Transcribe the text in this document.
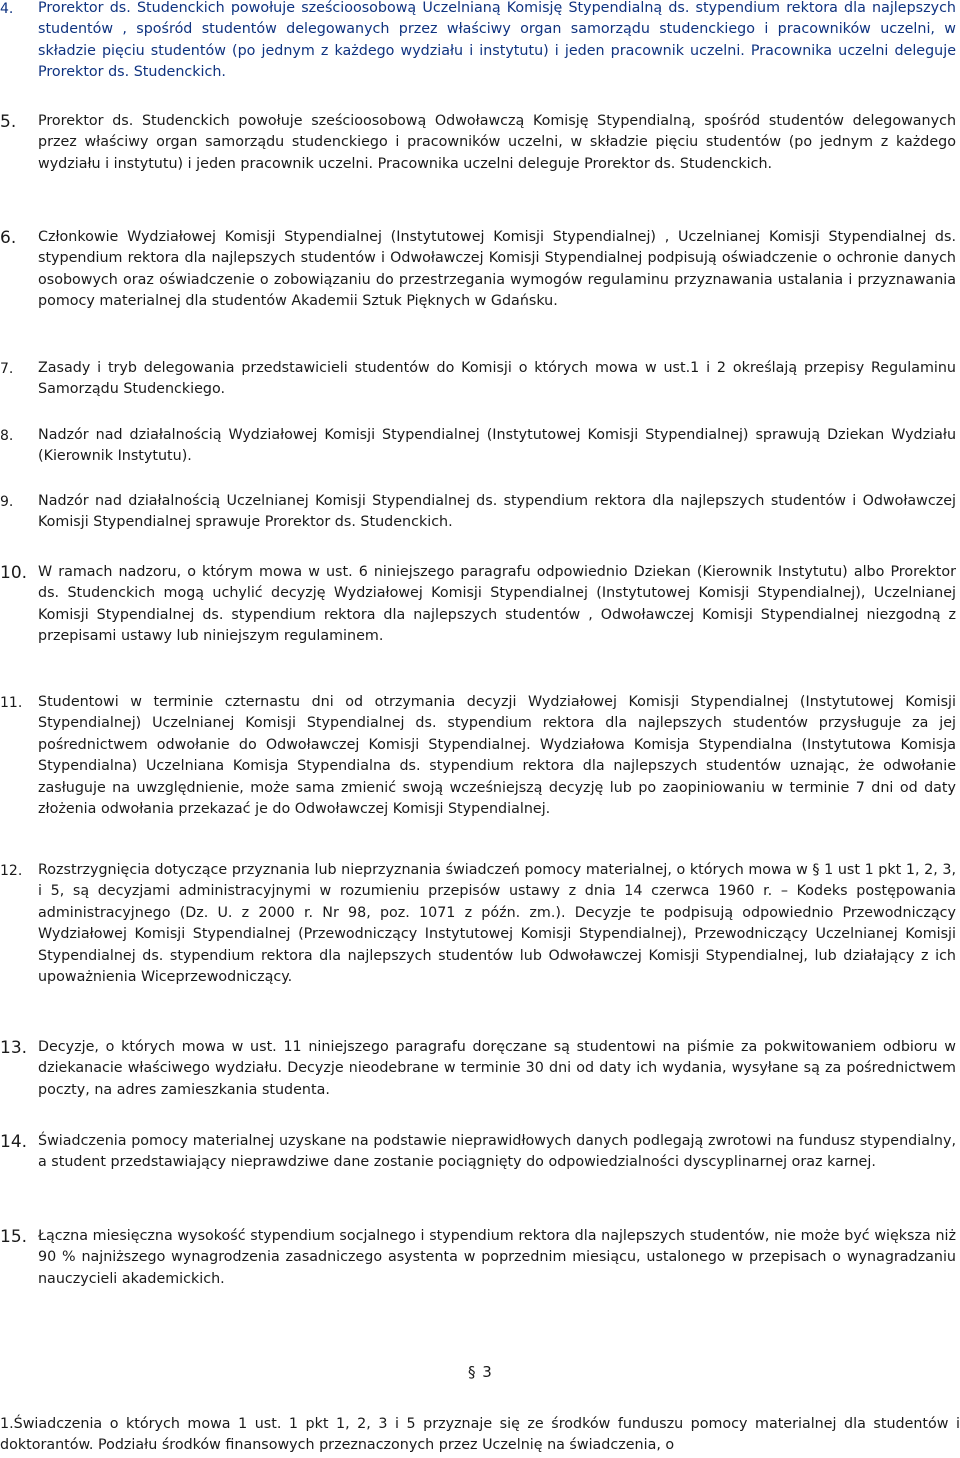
4. Prorektor ds. Studenckich powołuje sześcioosobową Uczelnianą Komisję Stypendialną ds. stypendium rektora dla najlepszych studentów , spośród studentów delegowanych przez właściwy organ samorządu studenckiego i pracowników uczelni, w składzie pięciu studentów (po jednym z każdego wydziału i instytutu) i jeden pracownik uczelni. Pracownika uczelni deleguje Prorektor ds. Studenckich.

5. Prorektor ds. Studenckich powołuje sześcioosobową Odwoławczą Komisję Stypendialną, spośród studentów delegowanych przez właściwy organ samorządu studenckiego i pracowników uczelni, w składzie pięciu studentów (po jednym z każdego wydziału i instytutu) i jeden pracownik uczelni. Pracownika uczelni deleguje Prorektor ds. Studenckich.

6. Członkowie Wydziałowej Komisji Stypendialnej (Instytutowej Komisji Stypendialnej) , Uczelnianej Komisji Stypendialnej ds. stypendium rektora dla najlepszych studentów i Odwoławczej Komisji Stypendialnej podpisują oświadczenie o ochronie danych osobowych oraz oświadczenie o zobowiązaniu do przestrzegania wymogów regulaminu przyznawania ustalania i przyznawania pomocy materialnej dla studentów Akademii Sztuk Pięknych w Gdańsku.

7. Zasady i tryb delegowania przedstawicieli studentów do Komisji o których mowa w ust.1 i 2 określają przepisy Regulaminu Samorządu Studenckiego.

8. Nadzór nad działalnością Wydziałowej Komisji Stypendialnej (Instytutowej Komisji Stypendialnej) sprawują Dziekan Wydziału (Kierownik Instytutu).

9. Nadzór nad działalnością Uczelnianej Komisji Stypendialnej ds. stypendium rektora dla najlepszych studentów i Odwoławczej Komisji Stypendialnej sprawuje Prorektor ds. Studenckich.

10. W ramach nadzoru, o którym mowa w ust. 6 niniejszego paragrafu odpowiednio Dziekan (Kierownik Instytutu) albo Prorektor ds. Studenckich mogą uchylić decyzję Wydziałowej Komisji Stypendialnej (Instytutowej Komisji Stypendialnej), Uczelnianej Komisji Stypendialnej ds. stypendium rektora dla najlepszych studentów , Odwoławczej Komisji Stypendialnej niezgodną z przepisami ustawy lub niniejszym regulaminem.

11. Studentowi w terminie czternastu dni od otrzymania decyzji Wydziałowej Komisji Stypendialnej (Instytutowej Komisji Stypendialnej) Uczelnianej Komisji Stypendialnej ds. stypendium rektora dla najlepszych studentów przysługuje za jej pośrednictwem odwołanie do Odwoławczej Komisji Stypendialnej. Wydziałowa Komisja Stypendialna (Instytutowa Komisja Stypendialna) Uczelniana Komisja Stypendialna ds. stypendium rektora dla najlepszych studentów uznając, że odwołanie zasługuje na uwzględnienie, może sama zmienić swoją wcześniejszą decyzję lub po zaopiniowaniu w terminie 7 dni od daty złożenia odwołania przekazać je do Odwoławczej Komisji Stypendialnej.

12. Rozstrzygnięcia dotyczące przyznania lub nieprzyznania świadczeń pomocy materialnej, o których mowa w § 1 ust 1 pkt 1, 2, 3, i 5, są decyzjami administracyjnymi w rozumieniu przepisów ustawy z dnia 14 czerwca 1960 r. – Kodeks postępowania administracyjnego (Dz. U. z 2000 r. Nr 98, poz. 1071 z późn. zm.). Decyzje te podpisują odpowiednio Przewodniczący Wydziałowej Komisji Stypendialnej (Przewodniczący Instytutowej Komisji Stypendialnej), Przewodniczący Uczelnianej Komisji Stypendialnej ds. stypendium rektora dla najlepszych studentów lub Odwoławczej Komisji Stypendialnej, lub działający z ich upoważnienia Wiceprzewodniczący.

13. Decyzje, o których mowa w ust. 11 niniejszego paragrafu doręczane są studentowi na piśmie za pokwitowaniem odbioru w dziekanacie właściwego wydziału. Decyzje nieodebrane w terminie 30 dni od daty ich wydania, wysyłane są za pośrednictwem poczty, na adres zamieszkania studenta.

14. Świadczenia pomocy materialnej uzyskane na podstawie nieprawidłowych danych podlegają zwrotowi na fundusz stypendialny, a student przedstawiający nieprawdziwe dane zostanie pociągnięty do odpowiedzialności dyscyplinarnej oraz karnej.

15. Łączna miesięczna wysokość stypendium socjalnego i stypendium rektora dla najlepszych studentów, nie może być większa niż 90 % najniższego wynagrodzenia zasadniczego asystenta w poprzednim miesiącu, ustalonego w przepisach o wynagradzaniu nauczycieli akademickich.

§ 3

1.Świadczenia o których mowa 1 ust. 1 pkt 1, 2, 3 i 5 przyznaje się ze środków funduszu pomocy materialnej dla studentów i doktorantów. Podziału środków finansowych przeznaczonych przez Uczelnię na świadczenia, o
